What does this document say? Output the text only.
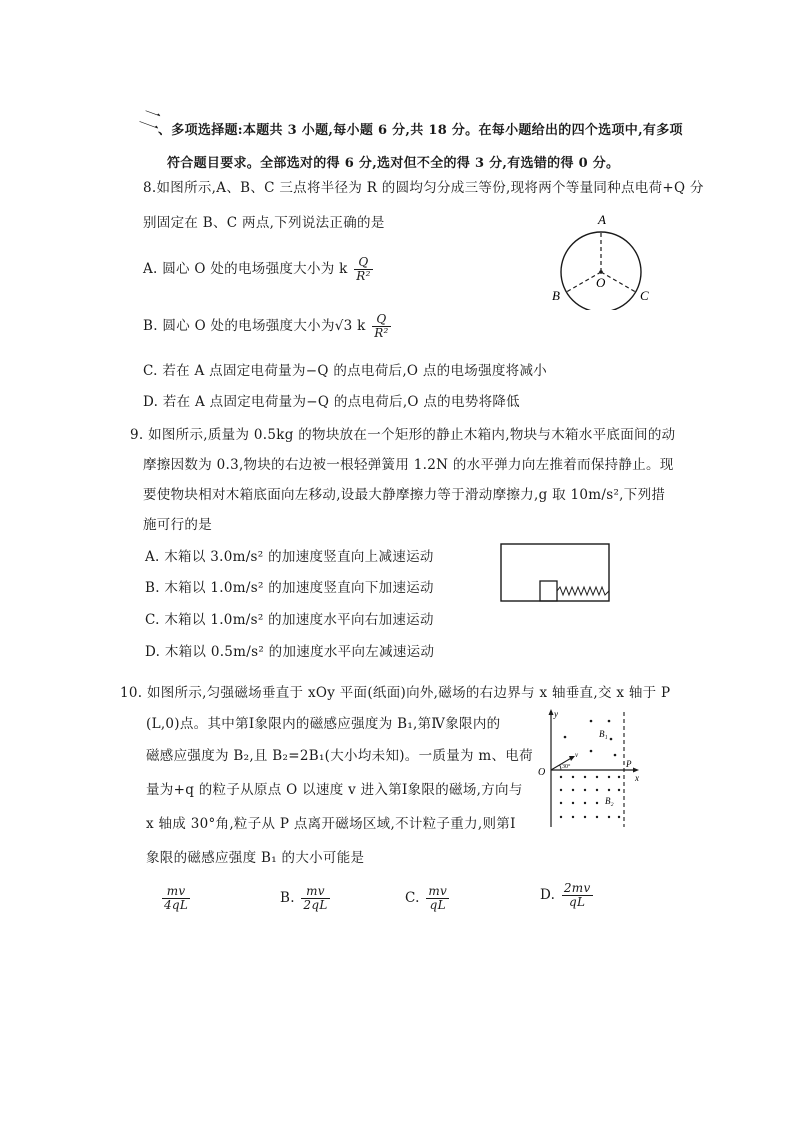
二
、多项选择题:本题共 3 小题,每小题 6 分,共 18 分。在每小题给出的四个选项中,有多项
符合题目要求。全部选对的得 6 分,选对但不全的得 3 分,有选错的得 0 分。
8.如图所示,A、B、C 三点将半径为 R 的圆均匀分成三等份,现将两个等量同种点电荷+Q 分
别固定在 B、C 两点,下列说法正确的是
A. 圆心 O 处的电场强度大小为 k $\frac{Q}{\text{R²}}$
B. 圆心 O 处的电场强度大小为√3 k $\frac{Q}{\text{R²}}$
C. 若在 A 点固定电荷量为−Q 的点电荷后,O 点的电场强度将减小
D. 若在 A 点固定电荷量为−Q 的点电荷后,O 点的电势将降低
A
O
B	C
9. 如图所示,质量为 0.5kg 的物块放在一个矩形的静止木箱内,物块与木箱水平底面间的动
摩擦因数为 0.3,物块的右边被一根轻弹簧用 1.2N 的水平弹力向左推着而保持静止。现
要使物块相对木箱底面向左移动,设最大静摩擦力等于滑动摩擦力,g 取 10m/s²,下列措
施可行的是
A. 木箱以 3.0m/s² 的加速度竖直向上减速运动
B. 木箱以 1.0m/s² 的加速度竖直向下加速运动
C. 木箱以 1.0m/s² 的加速度水平向右加速运动
D. 木箱以 0.5m/s² 的加速度水平向左减速运动
10. 如图所示,匀强磁场垂直于 xOy 平面(纸面)向外,磁场的右边界与 x 轴垂直,交 x 轴于 P
(L,0)点。其中第Ⅰ象限内的磁感应强度为 B₁,第Ⅳ象限内的
磁感应强度为 B₂,且 B₂=2B₁(大小均未知)。一质量为 m、电荷
量为+q 的粒子从原点 O 以速度 v 进入第Ⅰ象限的磁场,方向与
x 轴成 30°角,粒子从 P 点离开磁场区域,不计粒子重力,则第Ⅰ
象限的磁感应强度 B₁ 的大小可能是
$\frac{mv}{4qL}$	B. $\frac{mv}{2qL}$	C. $\frac{mv}{qL}$	D. $\frac{2mv}{qL}$
y
x
O
P
B₁
B₂
v
30°
